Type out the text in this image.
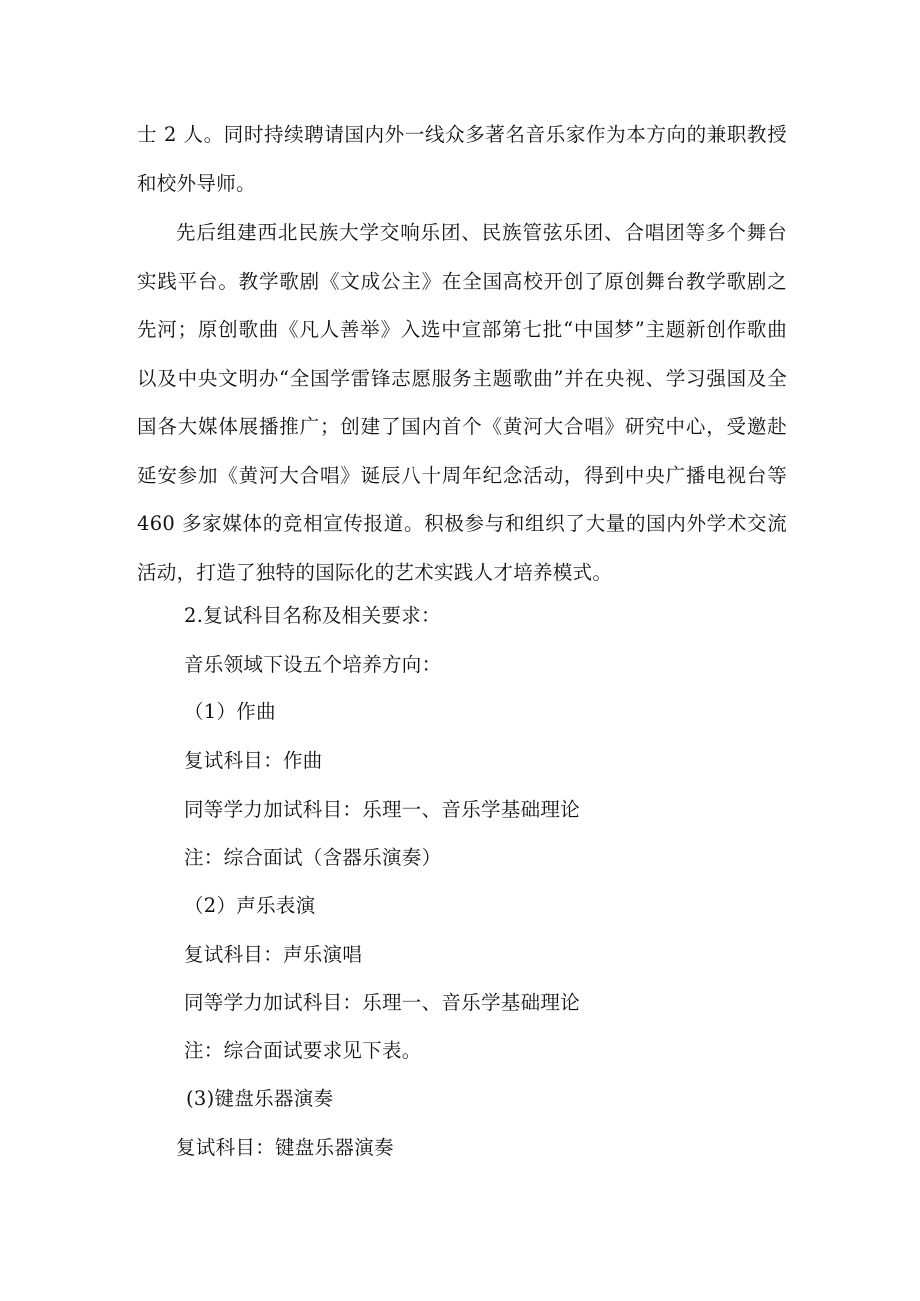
士 2 人。同时持续聘请国内外一线众多著名音乐家作为本方向的兼职教授和校外导师。

先后组建西北民族大学交响乐团、民族管弦乐团、合唱团等多个舞台实践平台。教学歌剧《文成公主》在全国高校开创了原创舞台教学歌剧之先河；原创歌曲《凡人善举》入选中宣部第七批“中国梦”主题新创作歌曲以及中央文明办“全国学雷锋志愿服务主题歌曲”并在央视、学习强国及全国各大媒体展播推广；创建了国内首个《黄河大合唱》研究中心，受邀赴延安参加《黄河大合唱》诞辰八十周年纪念活动，得到中央广播电视台等 460 多家媒体的竞相宣传报道。积极参与和组织了大量的国内外学术交流活动，打造了独特的国际化的艺术实践人才培养模式。

2.复试科目名称及相关要求：

音乐领域下设五个培养方向：

（1）作曲

复试科目：作曲

同等学力加试科目：乐理一、音乐学基础理论

注：综合面试（含器乐演奏）

（2）声乐表演

复试科目：声乐演唱

同等学力加试科目：乐理一、音乐学基础理论

注：综合面试要求见下表。

(3)键盘乐器演奏

复试科目：键盘乐器演奏
